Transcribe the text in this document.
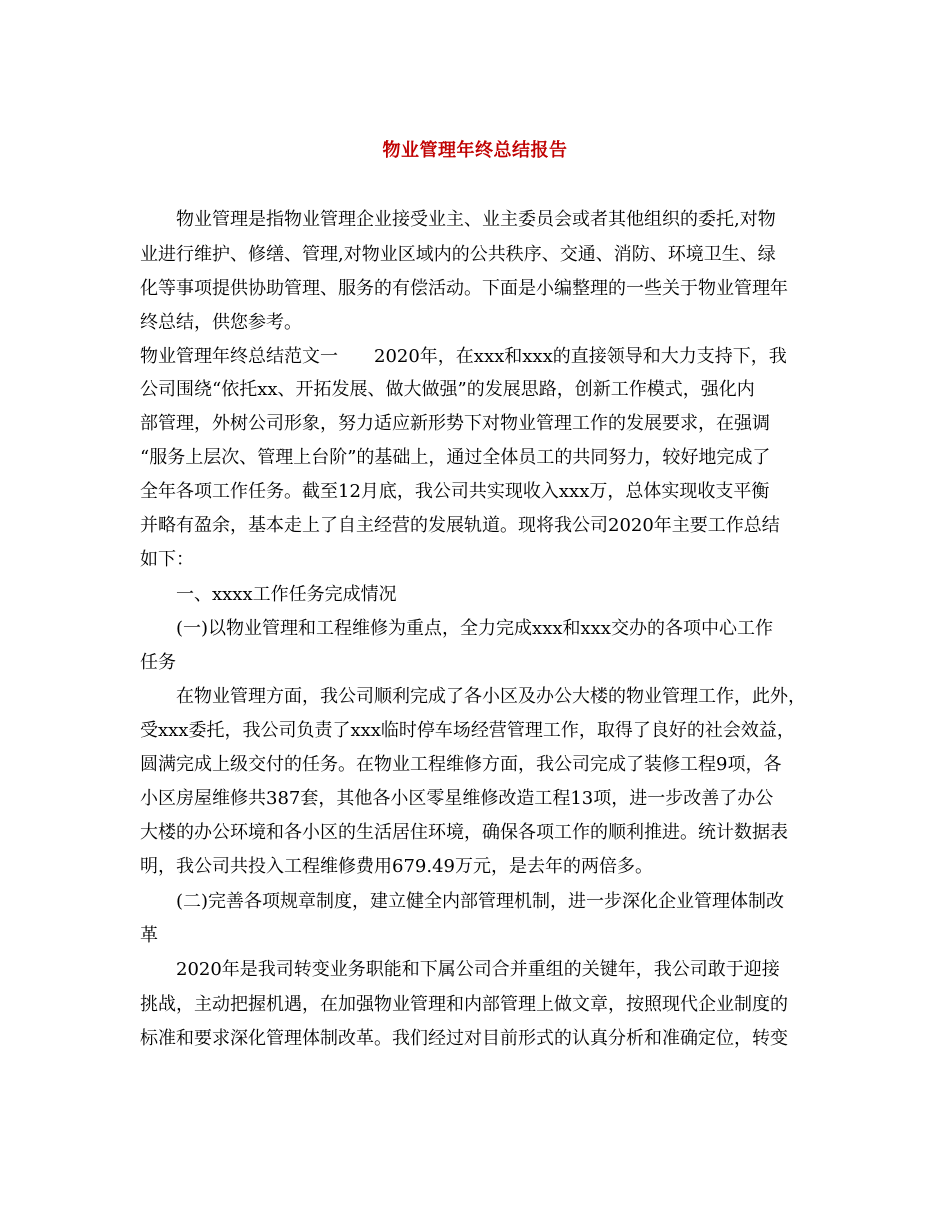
物业管理年终总结报告
物业管理是指物业管理企业接受业主、业主委员会或者其他组织的委托,对物
业进行维护、修缮、管理,对物业区域内的公共秩序、交通、消防、环境卫生、绿
化等事项提供协助管理、服务的有偿活动。下面是小编整理的一些关于物业管理年
终总结，供您参考。
物业管理年终总结范文一　　2020年，在xxx和xxx的直接领导和大力支持下，我
公司围绕“依托xx、开拓发展、做大做强”的发展思路，创新工作模式，强化内
部管理，外树公司形象，努力适应新形势下对物业管理工作的发展要求，在强调
“服务上层次、管理上台阶”的基础上，通过全体员工的共同努力，较好地完成了
全年各项工作任务。截至12月底，我公司共实现收入xxx万，总体实现收支平衡
并略有盈余，基本走上了自主经营的发展轨道。现将我公司2020年主要工作总结
如下：
一、xxxx工作任务完成情况
(一)以物业管理和工程维修为重点，全力完成xxx和xxx交办的各项中心工作
任务
在物业管理方面，我公司顺利完成了各小区及办公大楼的物业管理工作，此外，
受xxx委托，我公司负责了xxx临时停车场经营管理工作，取得了良好的社会效益，
圆满完成上级交付的任务。在物业工程维修方面，我公司完成了装修工程9项，各
小区房屋维修共387套，其他各小区零星维修改造工程13项，进一步改善了办公
大楼的办公环境和各小区的生活居住环境，确保各项工作的顺利推进。统计数据表
明，我公司共投入工程维修费用679.49万元，是去年的两倍多。
(二)完善各项规章制度，建立健全内部管理机制，进一步深化企业管理体制改
革
2020年是我司转变业务职能和下属公司合并重组的关键年，我公司敢于迎接
挑战，主动把握机遇，在加强物业管理和内部管理上做文章，按照现代企业制度的
标准和要求深化管理体制改革。我们经过对目前形式的认真分析和准确定位，转变
